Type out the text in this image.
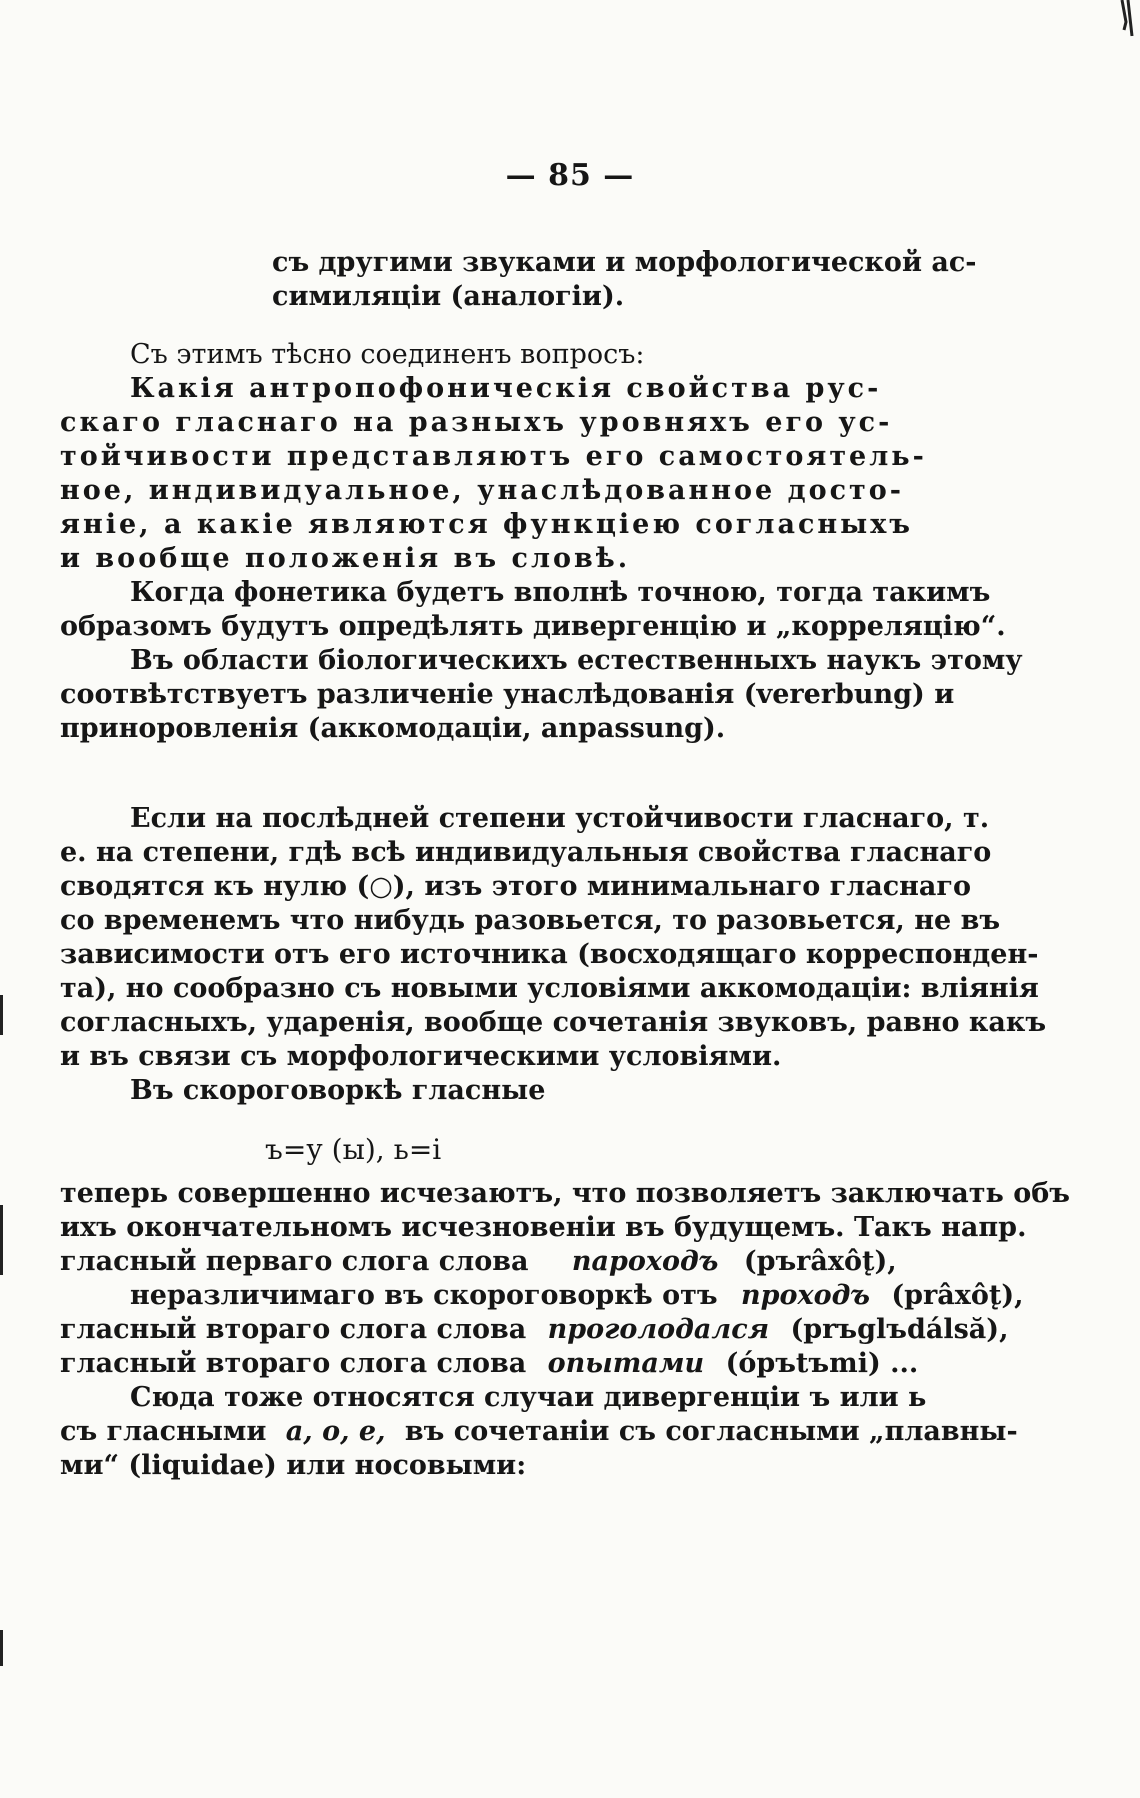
— 85 —
съ другими звуками и морфологической ас-
симиляціи (аналогіи).
Съ этимъ тѣсно соединенъ вопросъ:
Какія антропофоническія свойства рус-
скаго гласнаго на разныхъ уровняхъ его ус-
тойчивости представляютъ его самостоятель-
ное, индивидуальное, унаслѣдованное досто-
яніе, а какіе являются функціею согласныхъ
и вообще положенія въ словѣ.
Когда фонетика будетъ вполнѣ точною, тогда такимъ
образомъ будутъ опредѣлять дивергенцію и „корреляцію“.
Въ области біологическихъ естественныхъ наукъ этому
соотвѣтствуетъ различеніе унаслѣдованія (vererbung) и
приноровленія (аккомодаціи, anpassung).
Если на послѣдней степени устойчивости гласнаго, т.
е. на степени, гдѣ всѣ индивидуальныя свойства гласнаго
сводятся къ нулю (○), изъ этого минимальнаго гласнаго
со временемъ что нибудь разовьется, то разовьется, не въ
зависимости отъ его источника (восходящаго корреспонден-
та), но сообразно съ новыми условіями аккомодаціи: вліянія
согласныхъ, ударенія, вообще сочетанія звуковъ, равно какъ
и въ связи съ морфологическими условіями.
Въ скороговоркѣ гласные
ъ=у (ы), ь=і
теперь совершенно исчезаютъ, что позволяетъ заключать объ
ихъ окончательномъ исчезновеніи въ будущемъ. Такъ напр.
гласный перваго слога слова пароходъ (pъrâxôt̨),
неразличимаго въ скороговоркѣ отъ проходъ (prâxôt̨),
гласный втораго слога слова проголодался (prъglъdálsă),
гласный втораго слога слова опытами (ópъtъmi) ...
Сюда тоже относятся случаи дивергенціи ъ или ь
съ гласными а, о, е, въ сочетаніи съ согласными „плавны-
ми“ (liquidae) или носовыми:
